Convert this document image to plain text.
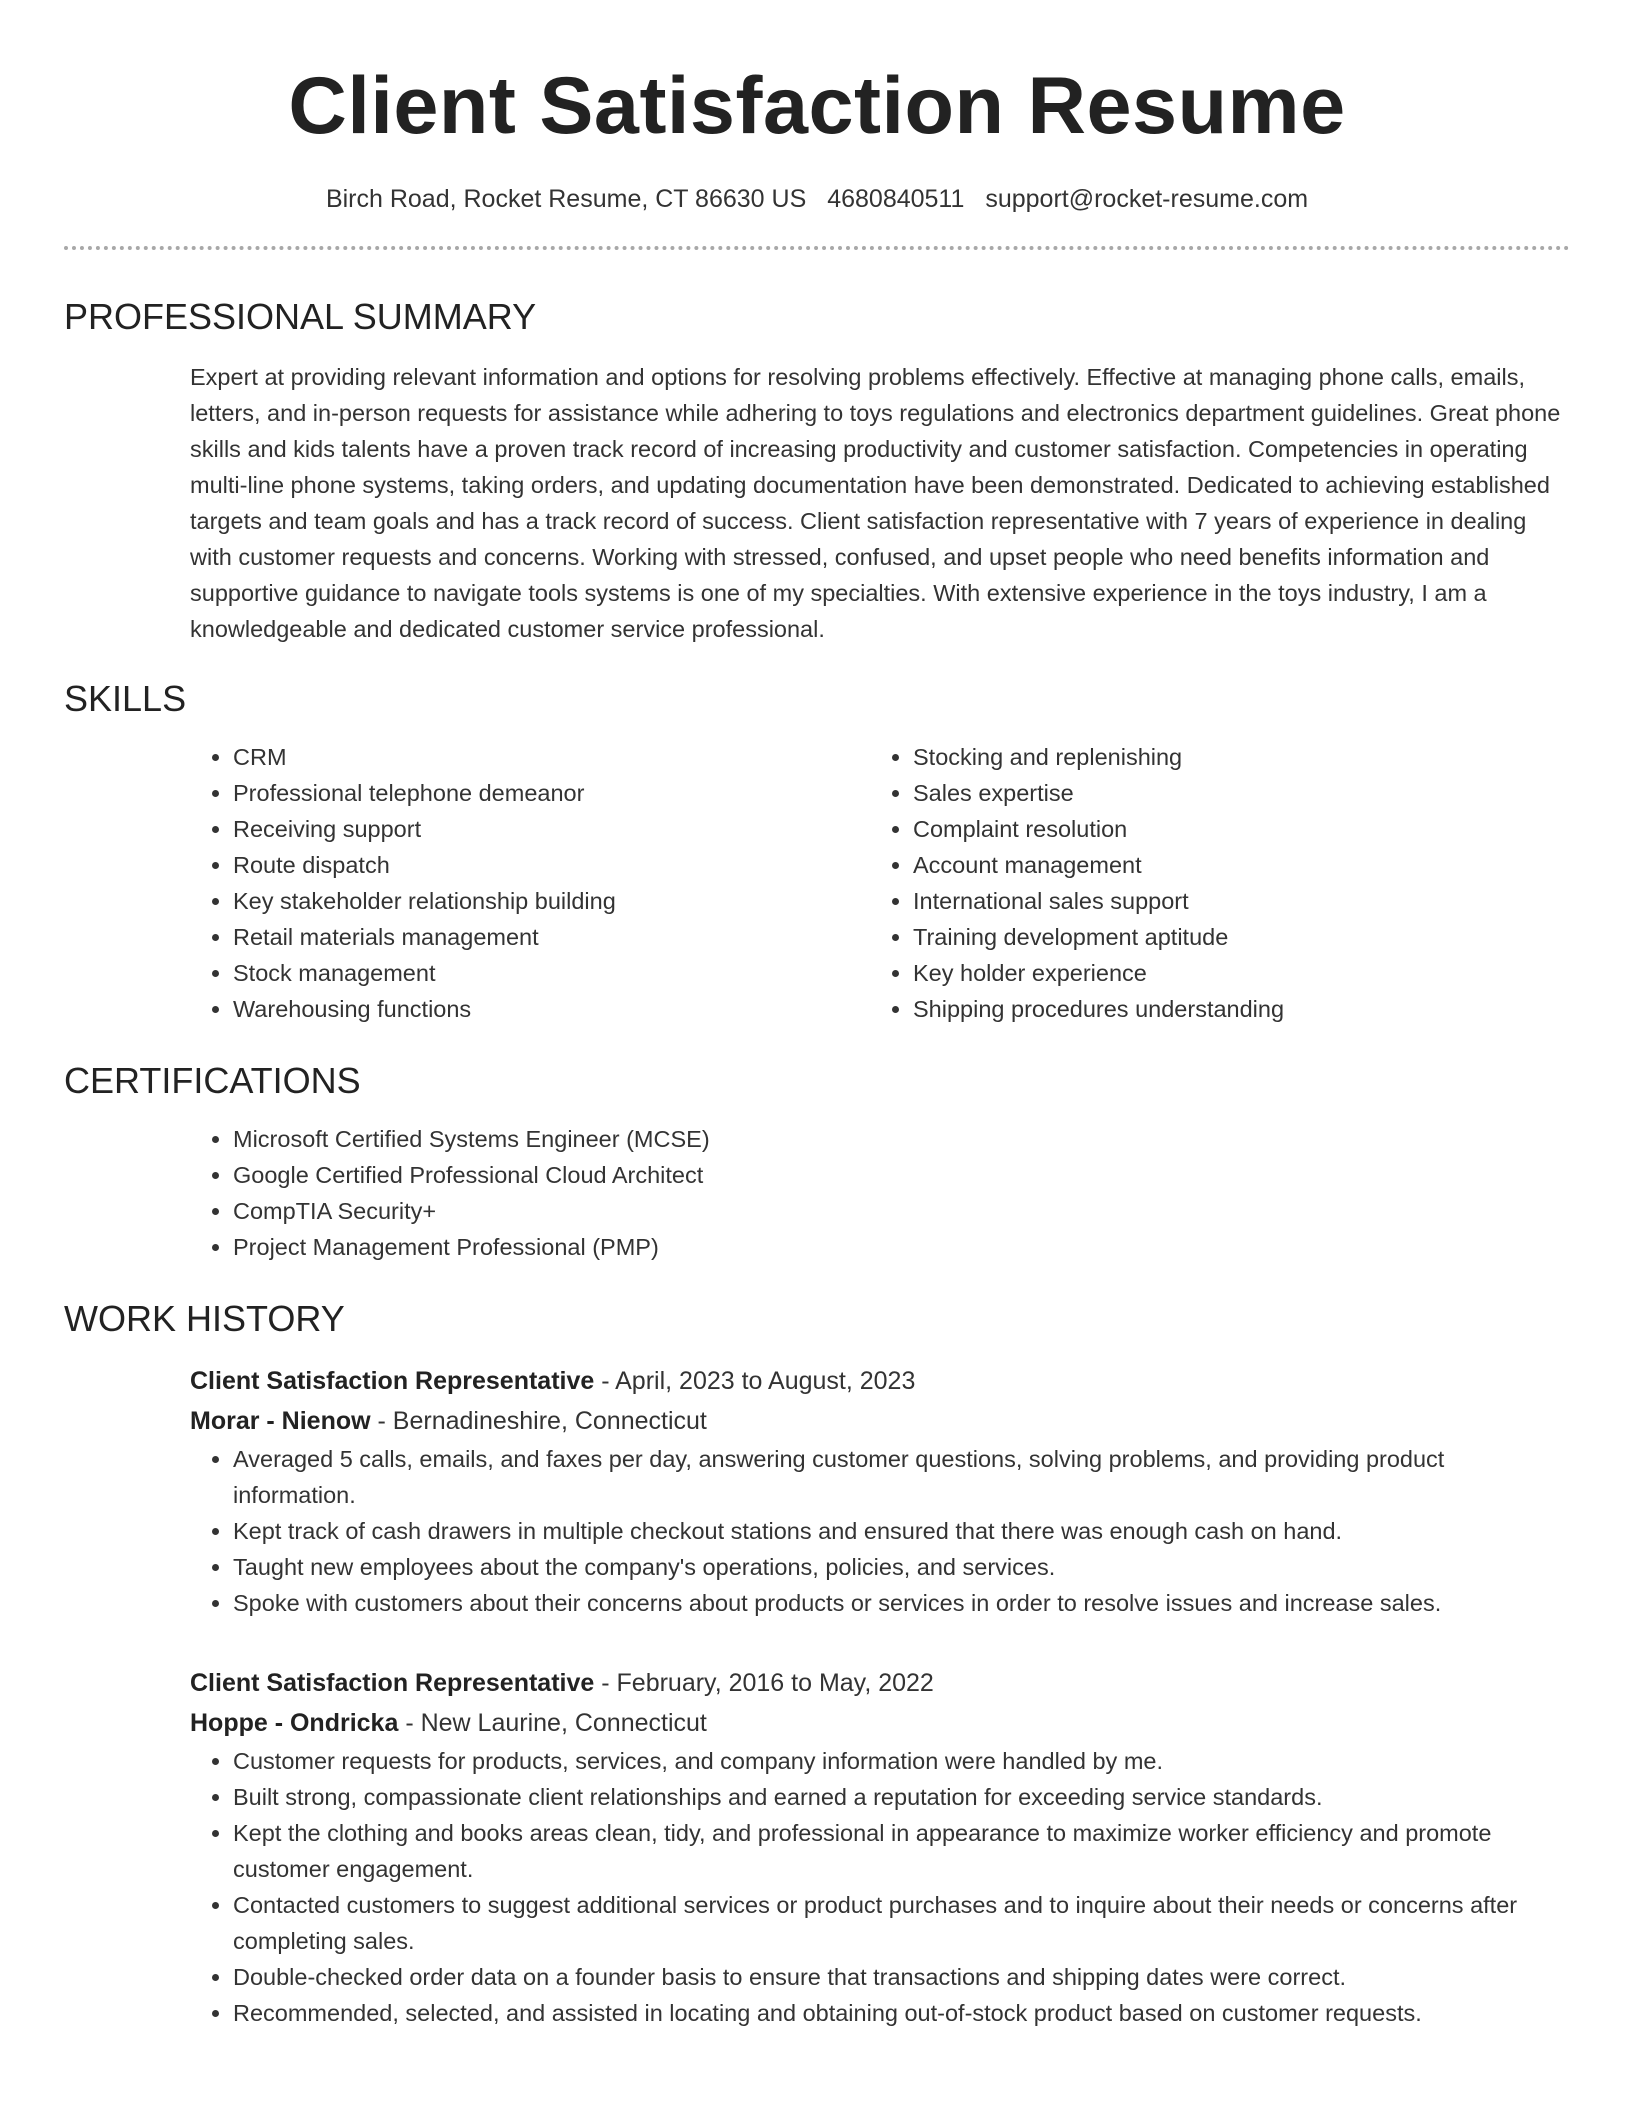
Client Satisfaction Resume
Birch Road, Rocket Resume, CT 86630 US 4680840511 support@rocket-resume.com
PROFESSIONAL SUMMARY
Expert at providing relevant information and options for resolving problems effectively. Effective at managing phone calls, emails, letters, and in-person requests for assistance while adhering to toys regulations and electronics department guidelines. Great phone skills and kids talents have a proven track record of increasing productivity and customer satisfaction. Competencies in operating multi-line phone systems, taking orders, and updating documentation have been demonstrated. Dedicated to achieving established targets and team goals and has a track record of success. Client satisfaction representative with 7 years of experience in dealing with customer requests and concerns. Working with stressed, confused, and upset people who need benefits information and supportive guidance to navigate tools systems is one of my specialties. With extensive experience in the toys industry, I am a knowledgeable and dedicated customer service professional.
SKILLS
• CRM
• Professional telephone demeanor
• Receiving support
• Route dispatch
• Key stakeholder relationship building
• Retail materials management
• Stock management
• Warehousing functions
• Stocking and replenishing
• Sales expertise
• Complaint resolution
• Account management
• International sales support
• Training development aptitude
• Key holder experience
• Shipping procedures understanding
CERTIFICATIONS
• Microsoft Certified Systems Engineer (MCSE)
• Google Certified Professional Cloud Architect
• CompTIA Security+
• Project Management Professional (PMP)
WORK HISTORY
Client Satisfaction Representative - April, 2023 to August, 2023
Morar - Nienow - Bernadineshire, Connecticut
• Averaged 5 calls, emails, and faxes per day, answering customer questions, solving problems, and providing product information.
• Kept track of cash drawers in multiple checkout stations and ensured that there was enough cash on hand.
• Taught new employees about the company's operations, policies, and services.
• Spoke with customers about their concerns about products or services in order to resolve issues and increase sales.
Client Satisfaction Representative - February, 2016 to May, 2022
Hoppe - Ondricka - New Laurine, Connecticut
• Customer requests for products, services, and company information were handled by me.
• Built strong, compassionate client relationships and earned a reputation for exceeding service standards.
• Kept the clothing and books areas clean, tidy, and professional in appearance to maximize worker efficiency and promote customer engagement.
• Contacted customers to suggest additional services or product purchases and to inquire about their needs or concerns after completing sales.
• Double-checked order data on a founder basis to ensure that transactions and shipping dates were correct.
• Recommended, selected, and assisted in locating and obtaining out-of-stock product based on customer requests.
